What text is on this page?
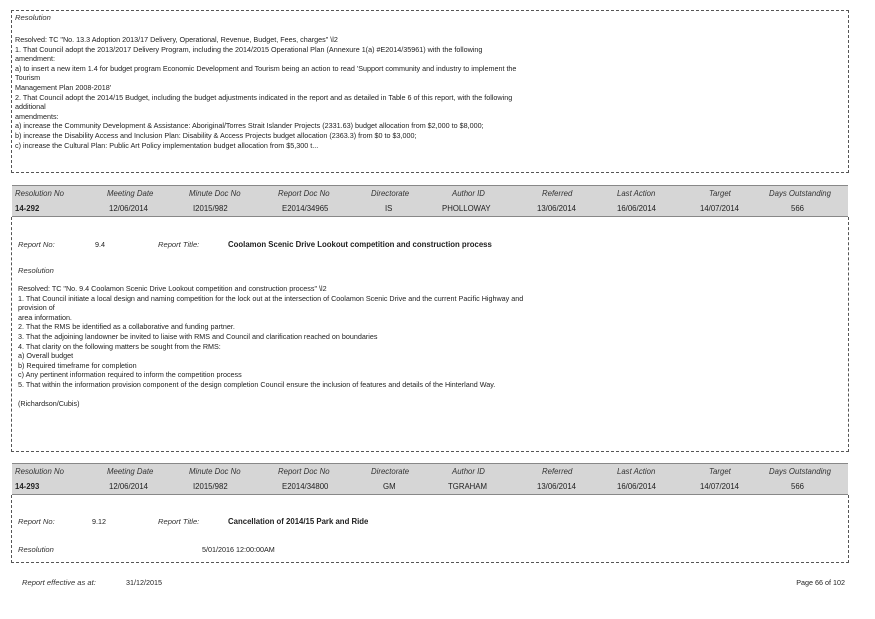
Resolution
Resolved: TC "No. 13.3 Adoption 2013/17 Delivery, Operational, Revenue, Budget, Fees, charges" \l2
1. That Council adopt the 2013/2017 Delivery Program, including the 2014/2015 Operational Plan (Annexure 1(a) #E2014/35961) with the following
amendment:
a) to insert a new item 1.4 for budget program Economic Development and Tourism being an action to read 'Support community and industry to implement the
Tourism
Management Plan 2008-2018'
2. That Council adopt the 2014/15 Budget, including the budget adjustments indicated in the report and as detailed in Table 6 of this report, with the following
additional
amendments:
a) increase the Community Development & Assistance: Aboriginal/Torres Strait Islander Projects (2331.63) budget allocation from $2,000 to $8,000;
b) increase the Disability Access and Inclusion Plan: Disability & Access Projects budget allocation (2363.3) from $0 to $3,000;
c) increase the Cultural Plan: Public Art Policy implementation budget allocation from $5,300 t...
Resolution No	Meeting Date	Minute Doc No	Report Doc No	Directorate	Author ID	Referred	Last Action	Target	Days Outstanding
14-292	12/06/2014	I2015/982	E2014/34965	IS	PHOLLOWAY	13/06/2014	16/06/2014	14/07/2014	566
Report No:	9.4	Report Title:	Coolamon Scenic Drive Lookout competition and construction process
Resolution
Resolved: TC "No. 9.4 Coolamon Scenic Drive Lookout competition and construction process" \l2
1. That Council initiate a local design and naming competition for the lock out at the intersection of Coolamon Scenic Drive and the current Pacific Highway and
provision of
area information.
2. That the RMS be identified as a collaborative and funding partner.
3. That the adjoining landowner be invited to liaise with RMS and Council and clarification reached on boundaries
4. That clarity on the following matters be sought from the RMS:
a) Overall budget
b) Required timeframe for completion
c) Any pertinent information required to inform the competition process
5. That within the information provision component of the design completion Council ensure the inclusion of features and details of the Hinterland Way.
(Richardson/Cubis)
Resolution No	Meeting Date	Minute Doc No	Report Doc No	Directorate	Author ID	Referred	Last Action	Target	Days Outstanding
14-293	12/06/2014	I2015/982	E2014/34800	GM	TGRAHAM	13/06/2014	16/06/2014	14/07/2014	566
Report No:	9.12	Report Title:	Cancellation of 2014/15 Park and Ride
Resolution	5/01/2016 12:00:00AM
Report effective as at:	31/12/2015	Page 66 of 102
